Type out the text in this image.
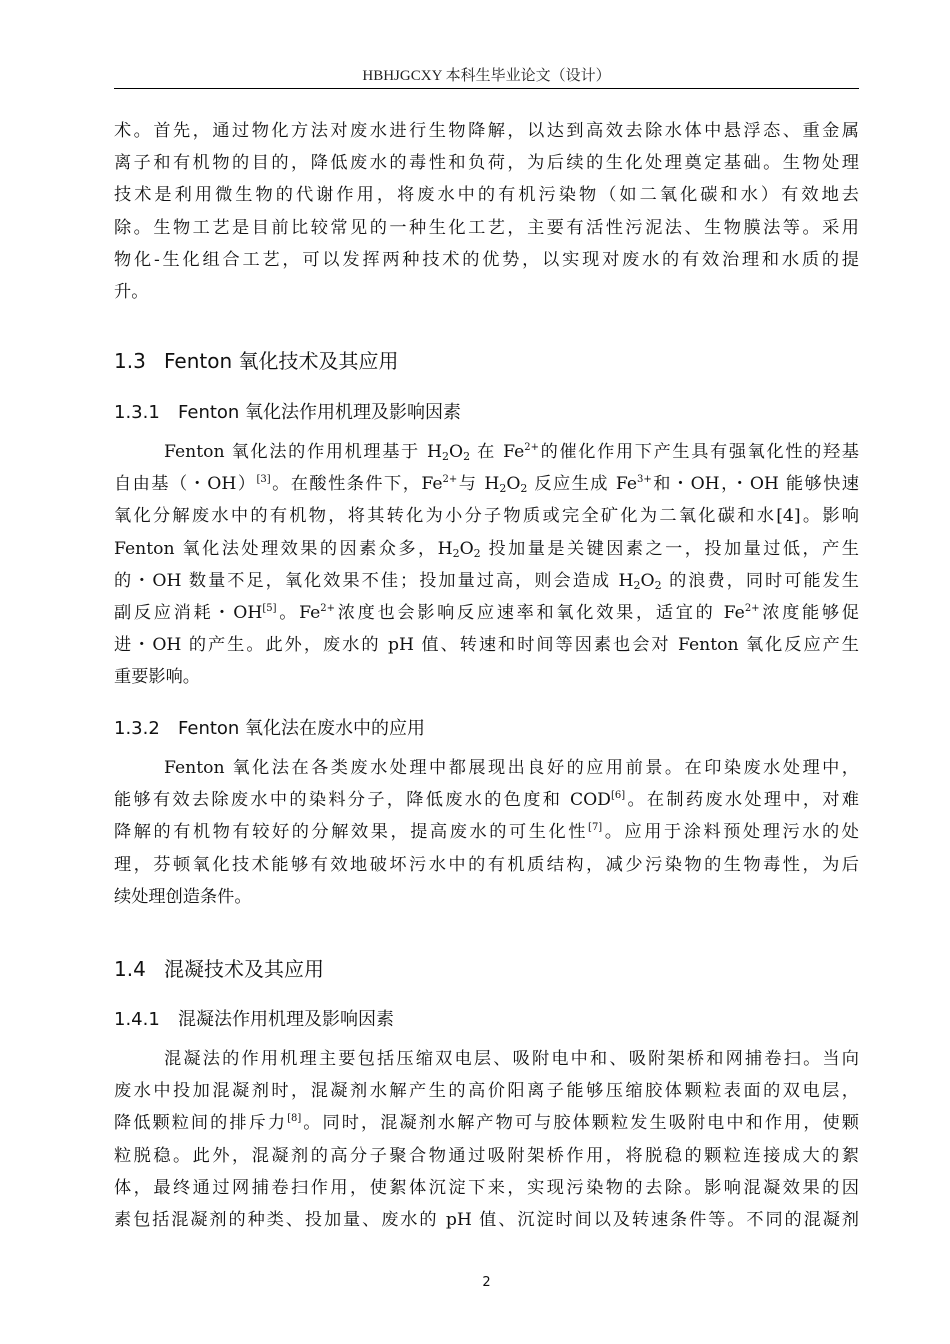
HBHJGCXY 本科生毕业论文（设计）
术。首先，通过物化方法对废水进行生物降解，以达到高效去除水体中悬浮态、重金属
离子和有机物的目的，降低废水的毒性和负荷，为后续的生化处理奠定基础。生物处理
技术是利用微生物的代谢作用，将废水中的有机污染物（如二氧化碳和水）有效地去
除。生物工艺是目前比较常见的一种生化工艺，主要有活性污泥法、生物膜法等。采用
物化-生化组合工艺，可以发挥两种技术的优势，以实现对废水的有效治理和水质的提
升。
1.3 Fenton 氧化技术及其应用
1.3.1 Fenton 氧化法作用机理及影响因素
Fenton 氧化法的作用机理基于 $H_2O_2$ 在 $Fe^{2+}$的催化作用下产生具有强氧化性的羟基
自由基（・OH）[3]。在酸性条件下，$Fe^{2+}$与 $H_2O_2$ 反应生成 $Fe^{3+}$和・OH，・OH 能够快速
氧化分解废水中的有机物，将其转化为小分子物质或完全矿化为二氧化碳和水[4]。影响
Fenton 氧化法处理效果的因素众多，$H_2O_2$ 投加量是关键因素之一，投加量过低，产生
的・OH 数量不足，氧化效果不佳；投加量过高，则会造成 $H_2O_2$ 的浪费，同时可能发生
副反应消耗・OH[5]。$Fe^{2+}$浓度也会影响反应速率和氧化效果，适宜的 $Fe^{2+}$浓度能够促
进・OH 的产生。此外，废水的 pH 值、转速和时间等因素也会对 Fenton 氧化反应产生
重要影响。
1.3.2 Fenton 氧化法在废水中的应用
Fenton 氧化法在各类废水处理中都展现出良好的应用前景。在印染废水处理中，
能够有效去除废水中的染料分子，降低废水的色度和 COD[6]。在制药废水处理中，对难
降解的有机物有较好的分解效果，提高废水的可生化性[7]。应用于涂料预处理污水的处
理，芬顿氧化技术能够有效地破坏污水中的有机质结构，减少污染物的生物毒性，为后
续处理创造条件。
1.4 混凝技术及其应用
1.4.1 混凝法作用机理及影响因素
混凝法的作用机理主要包括压缩双电层、吸附电中和、吸附架桥和网捕卷扫。当向
废水中投加混凝剂时，混凝剂水解产生的高价阳离子能够压缩胶体颗粒表面的双电层，
降低颗粒间的排斥力[8]。同时，混凝剂水解产物可与胶体颗粒发生吸附电中和作用，使颗
粒脱稳。此外，混凝剂的高分子聚合物通过吸附架桥作用，将脱稳的颗粒连接成大的絮
体，最终通过网捕卷扫作用，使絮体沉淀下来，实现污染物的去除。影响混凝效果的因
素包括混凝剂的种类、投加量、废水的 pH 值、沉淀时间以及转速条件等。不同的混凝剂
2
